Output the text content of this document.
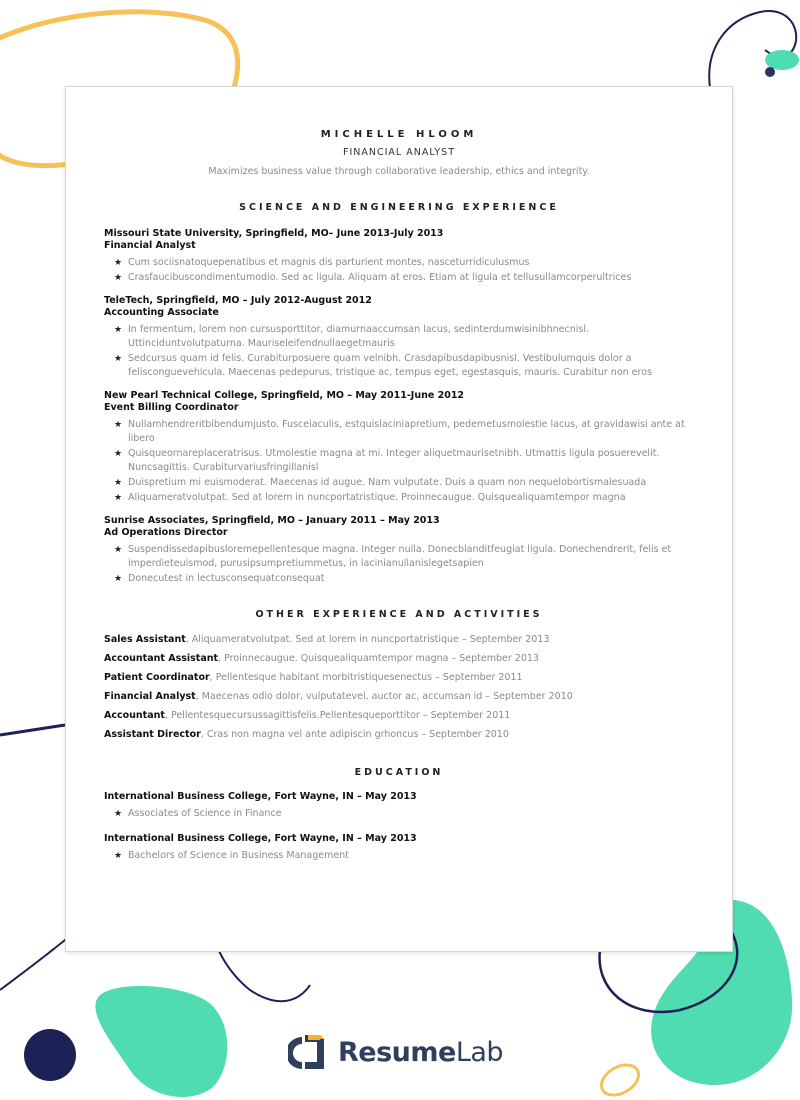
MICHELLE HLOOM
FINANCIAL ANALYST
Maximizes business value through collaborative leadership, ethics and integrity.
SCIENCE AND ENGINEERING EXPERIENCE
Missouri State University, Springfield, MO– June 2013-July 2013
Financial Analyst
★ Cum sociisnatoquepenatibus et magnis dis parturient montes, nasceturridiculusmus
★ Crasfaucibuscondimentumodio. Sed ac ligula. Aliquam at eros. Etiam at ligula et tellusullamcorperultrices
TeleTech, Springfield, MO – July 2012-August 2012
Accounting Associate
★ In fermentum, lorem non cursusporttitor, diamurnaaccumsan lacus, sedinterdumwisinibhnecnisl. Uttinciduntvolutpaturna. Mauriseleifendnullaegetmauris
★ Sedcursus quam id felis. Curabiturposuere quam velnibh. Crasdapibusdapibusnisl. Vestibulumquis dolor a felisconguevehicula. Maecenas pedepurus, tristique ac, tempus eget, egestasquis, mauris. Curabitur non eros
New Pearl Technical College, Springfield, MO – May 2011-June 2012
Event Billing Coordinator
★ Nullamhendreritbibendumjusto. Fusceiaculis, estquislaciniapretium, pedemetusmolestie lacus, at gravidawisi ante at libero
★ Quisqueornareplaceratrisus. Utmolestie magna at mi. Integer aliquetmaurisetnibh. Utmattis ligula posuerevelit. Nuncsagittis. Curabiturvariusfringillanisl
★ Duispretium mi euismoderat. Maecenas id augue. Nam vulputate. Duis a quam non nequelobortismalesuada
★ Aliquameratvolutpat. Sed at lorem in nuncportatristique. Proinnecaugue. Quisquealiquamtempor magna
Sunrise Associates, Springfield, MO – January 2011 – May 2013
Ad Operations Director
★ Suspendissedapibusloremepellentesque magna. Integer nulla. Donecblanditfeugiat ligula. Donechendrerit, felis et imperdieteuismod, purusipsumpretiummetus, in lacinianullanislegetsapien
★ Donecutest in lectusconsequatconsequat
OTHER EXPERIENCE AND ACTIVITIES
Sales Assistant, Aliquameratvolutpat. Sed at lorem in nuncportatristique – September 2013
Accountant Assistant, Proinnecaugue. Quisquealiquamtempor magna – September 2013
Patient Coordinator, Pellentesque habitant morbitristiquesenectus – September 2011
Financial Analyst, Maecenas odio dolor, vulputatevel, auctor ac, accumsan id – September 2010
Accountant, Pellentesquecursussagittisfelis.Pellentesqueporttitor – September 2011
Assistant Director, Cras non magna vel ante adipiscin grhoncus – September 2010
EDUCATION
International Business College, Fort Wayne, IN – May 2013
★ Associates of Science in Finance
International Business College, Fort Wayne, IN – May 2013
★ Bachelors of Science in Business Management
ResumeLab
